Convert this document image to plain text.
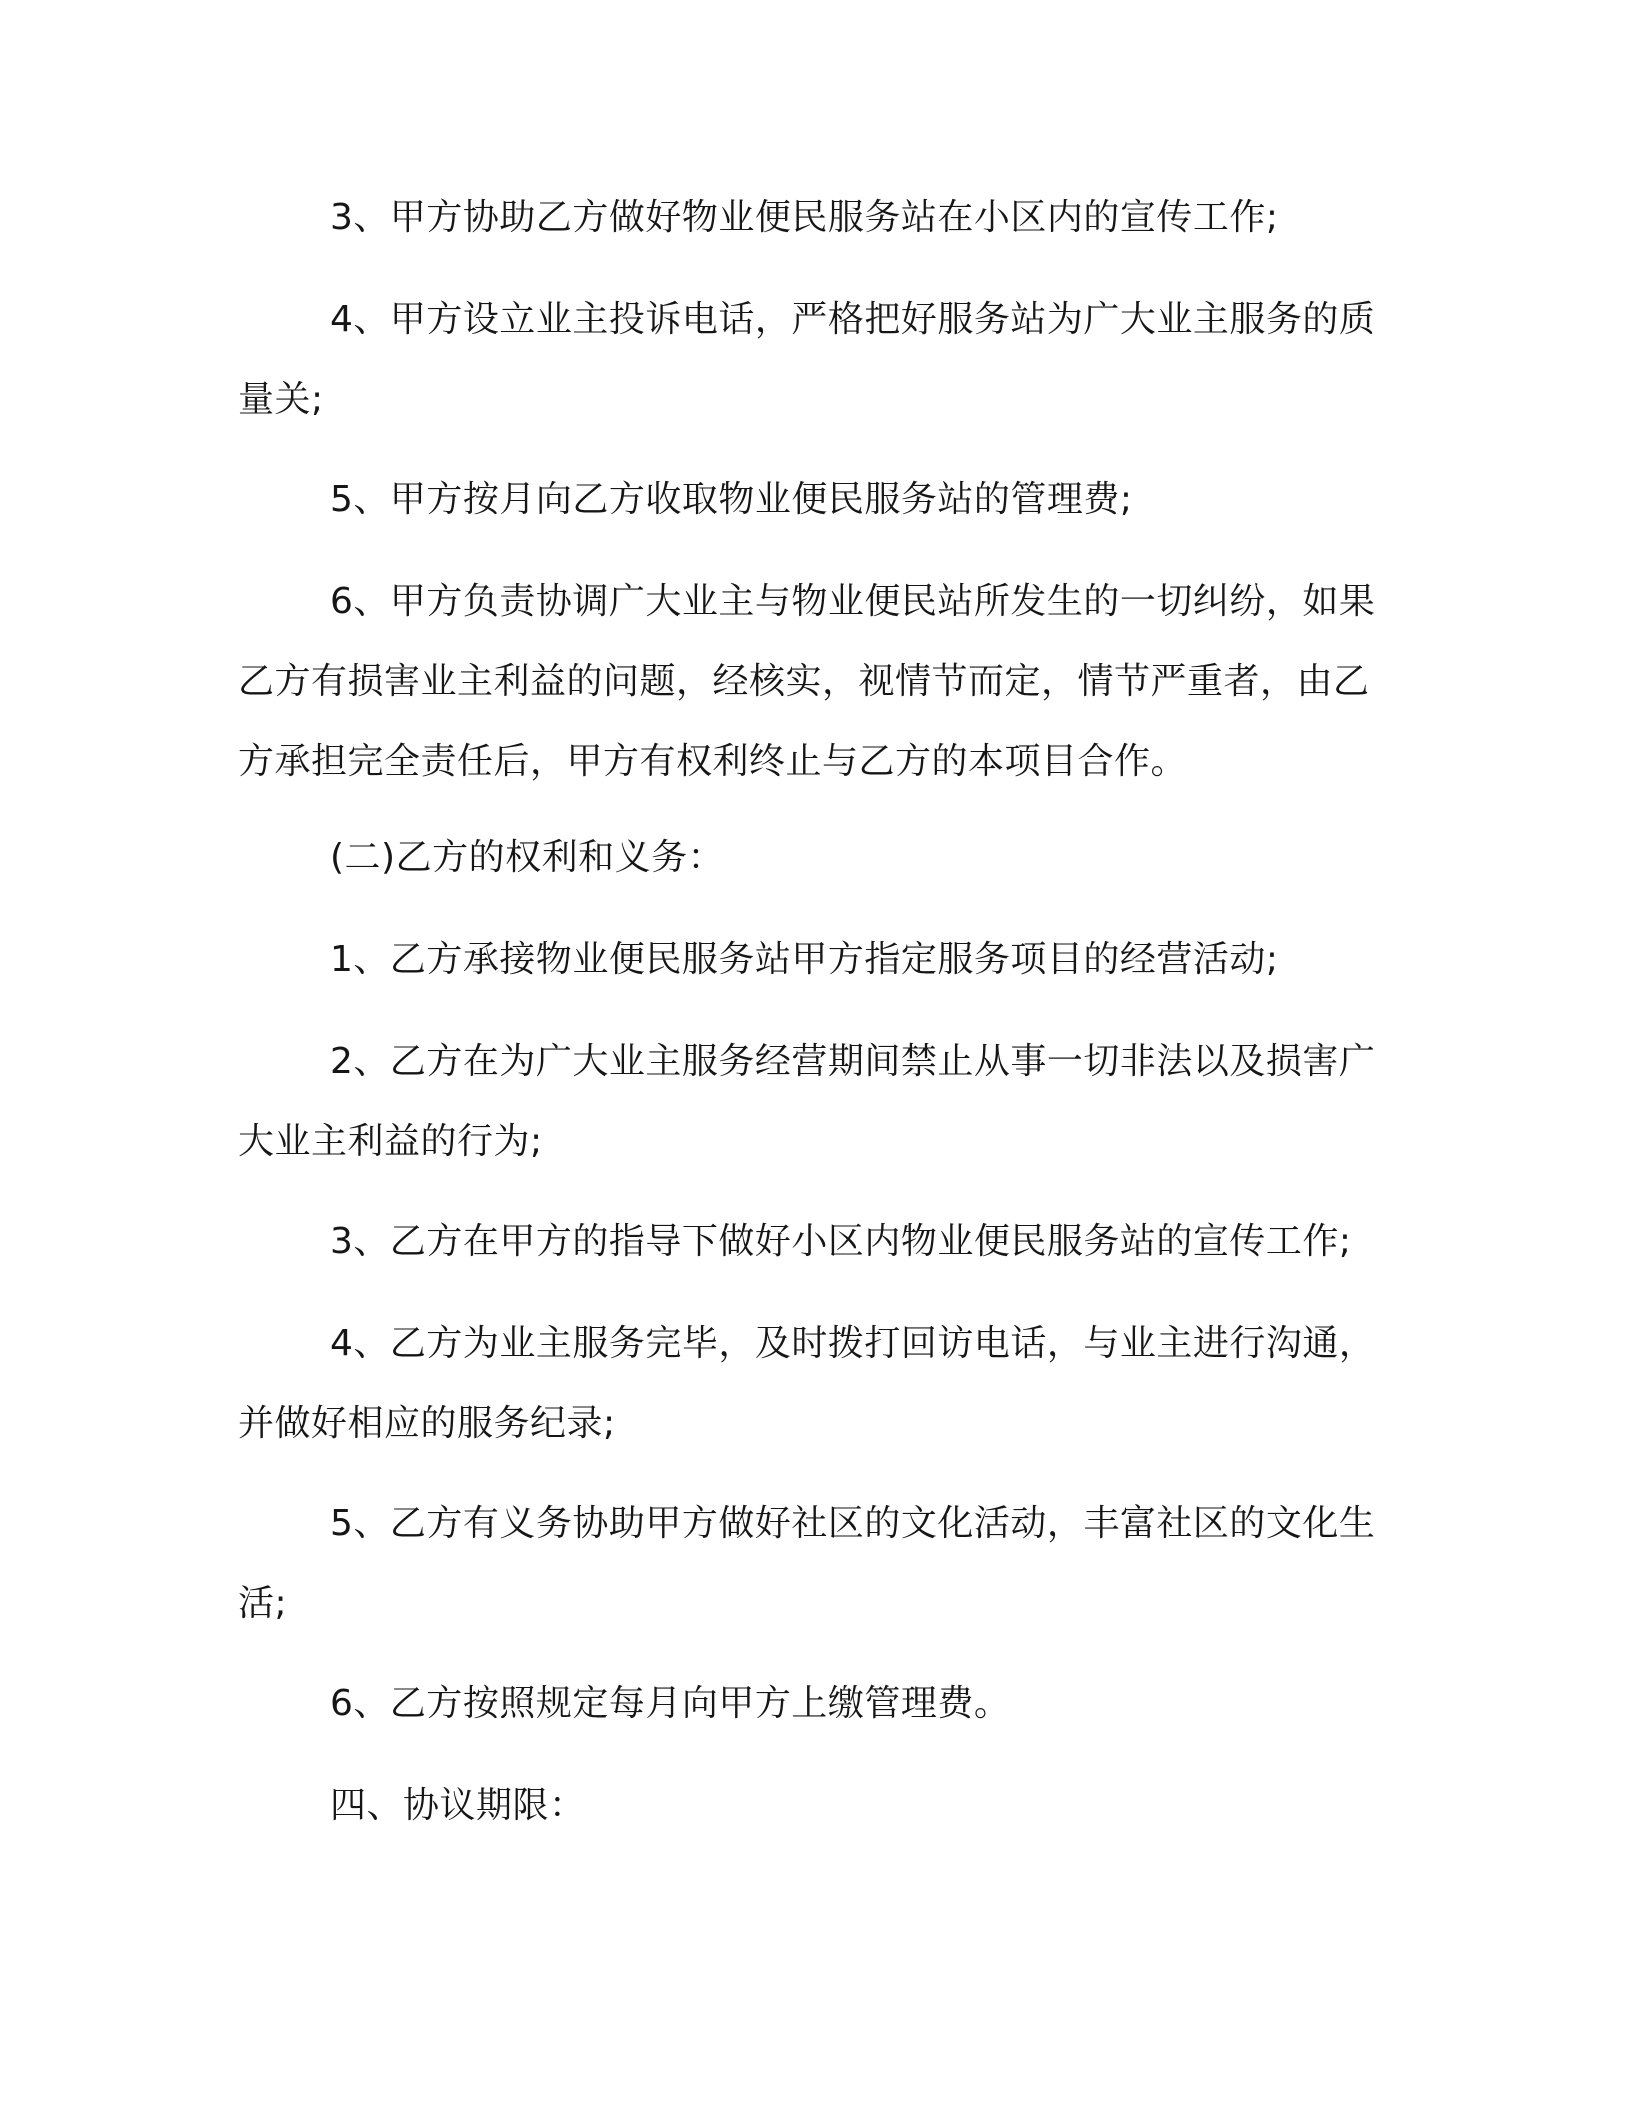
3、甲方协助乙方做好物业便民服务站在小区内的宣传工作;

4、甲方设立业主投诉电话，严格把好服务站为广大业主服务的质量关;

5、甲方按月向乙方收取物业便民服务站的管理费;

6、甲方负责协调广大业主与物业便民站所发生的一切纠纷，如果乙方有损害业主利益的问题，经核实，视情节而定，情节严重者，由乙方承担完全责任后，甲方有权利终止与乙方的本项目合作。

(二)乙方的权利和义务：

1、乙方承接物业便民服务站甲方指定服务项目的经营活动;

2、乙方在为广大业主服务经营期间禁止从事一切非法以及损害广大业主利益的行为;

3、乙方在甲方的指导下做好小区内物业便民服务站的宣传工作;

4、乙方为业主服务完毕，及时拨打回访电话，与业主进行沟通，并做好相应的服务纪录;

5、乙方有义务协助甲方做好社区的文化活动，丰富社区的文化生活;

6、乙方按照规定每月向甲方上缴管理费。

四、协议期限：
